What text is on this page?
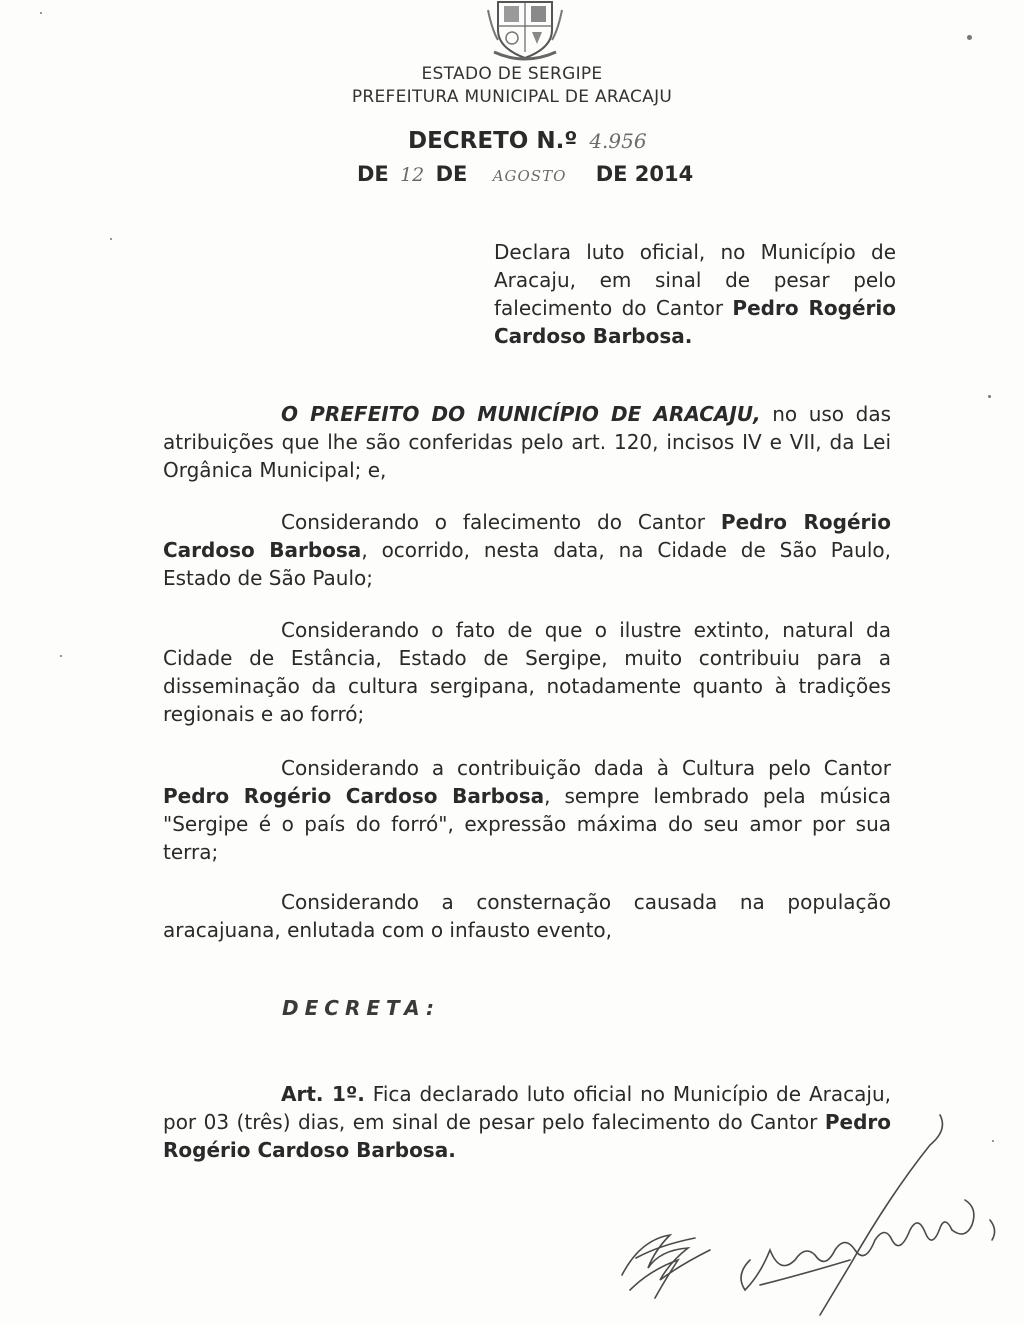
ESTADO DE SERGIPE
PREFEITURA MUNICIPAL DE ARACAJU
DECRETO N.º 4.956
DE 12 DE AGOSTO DE 2014
Declara luto oficial, no Município de Aracaju, em sinal de pesar pelo falecimento do Cantor Pedro Rogério Cardoso Barbosa.
O PREFEITO DO MUNICÍPIO DE ARACAJU, no uso das atribuições que lhe são conferidas pelo art. 120, incisos IV e VII, da Lei Orgânica Municipal; e,
Considerando o falecimento do Cantor Pedro Rogério Cardoso Barbosa, ocorrido, nesta data, na Cidade de São Paulo, Estado de São Paulo;
Considerando o fato de que o ilustre extinto, natural da Cidade de Estância, Estado de Sergipe, muito contribuiu para a disseminação da cultura sergipana, notadamente quanto à tradições regionais e ao forró;
Considerando a contribuição dada à Cultura pelo Cantor Pedro Rogério Cardoso Barbosa, sempre lembrado pela música "Sergipe é o país do forró", expressão máxima do seu amor por sua terra;
Considerando a consternação causada na população aracajuana, enlutada com o infausto evento,
DECRETA:
Art. 1º. Fica declarado luto oficial no Município de Aracaju, por 03 (três) dias, em sinal de pesar pelo falecimento do Cantor Pedro Rogério Cardoso Barbosa.
